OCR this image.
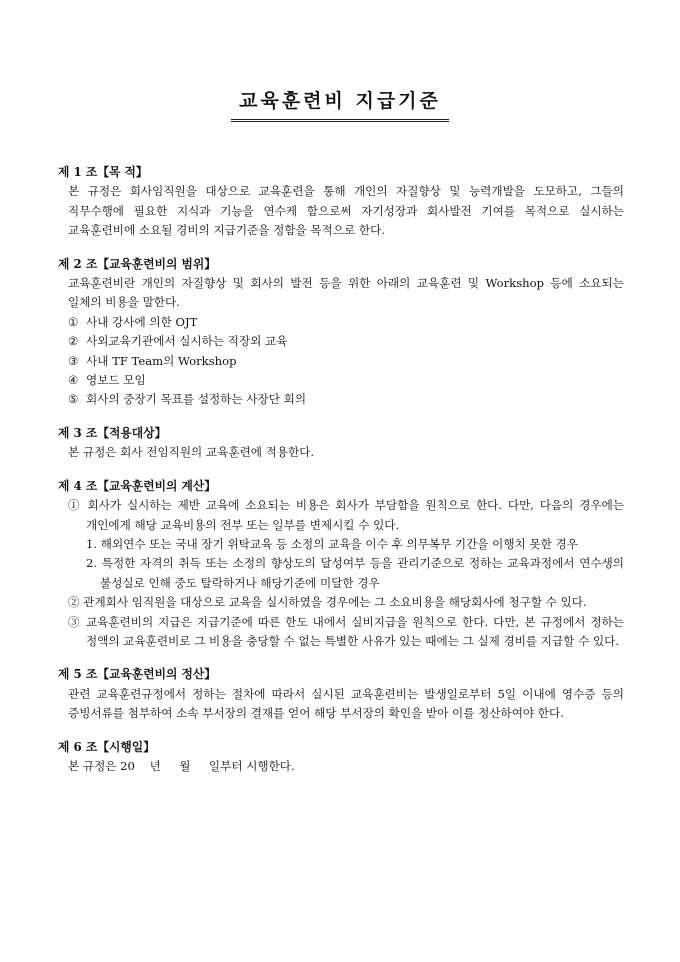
교육훈련비 지급기준
제 1 조【목 적】
본 규정은 회사임직원을 대상으로 교육훈련을 통해 개인의 자질향상 및 능력개발을 도모하고, 그들의 직무수행에 필요한 지식과 기능을 연수케 함으로써 자기성장과 회사발전 기여를 목적으로 실시하는 교육훈련비에 소요될 경비의 지급기준을 정함을 목적으로 한다.
제 2 조【교육훈련비의 범위】
교육훈련비란 개인의 자질향상 및 회사의 발전 등을 위한 아래의 교육훈련 및 Workshop 등에 소요되는 일체의 비용을 말한다.
① 사내 강사에 의한 OJT
② 사외교육기관에서 실시하는 직장외 교육
③ 사내 TF Team의 Workshop
④ 영보드 모임
⑤ 회사의 중장기 목표를 설정하는 사장단 회의
제 3 조【적용대상】
본 규정은 회사 전임직원의 교육훈련에 적용한다.
제 4 조【교육훈련비의 계산】
① 회사가 실시하는 제반 교육에 소요되는 비용은 회사가 부담함을 원칙으로 한다. 다만, 다음의 경우에는 개인에게 해당 교육비용의 전부 또는 일부를 변제시킬 수 있다.
1. 해외연수 또는 국내 장기 위탁교육 등 소정의 교육을 이수 후 의무복무 기간을 이행치 못한 경우
2. 특정한 자격의 취득 또는 소정의 향상도의 달성여부 등을 관리기준으로 정하는 교육과정에서 연수생의 불성실로 인해 중도 탈락하거나 해당기준에 미달한 경우
② 관계회사 임직원을 대상으로 교육을 실시하였을 경우에는 그 소요비용을 해당회사에 청구할 수 있다.
③ 교육훈련비의 지급은 지급기준에 따른 한도 내에서 실비지급을 원칙으로 한다. 다만, 본 규정에서 정하는 정액의 교육훈련비로 그 비용을 충당할 수 없는 특별한 사유가 있는 때에는 그 실제 경비를 지급할 수 있다.
제 5 조【교육훈련비의 정산】
관련 교육훈련규정에서 정하는 절차에 따라서 실시된 교육훈련비는 발생일로부터 5일 이내에 영수증 등의 증빙서류를 첨부하여 소속 부서장의 결재를 얻어 해당 부서장의 확인을 받아 이를 정산하여야 한다.
제 6 조【시행일】
본 규정은 20    년     월     일부터 시행한다.
